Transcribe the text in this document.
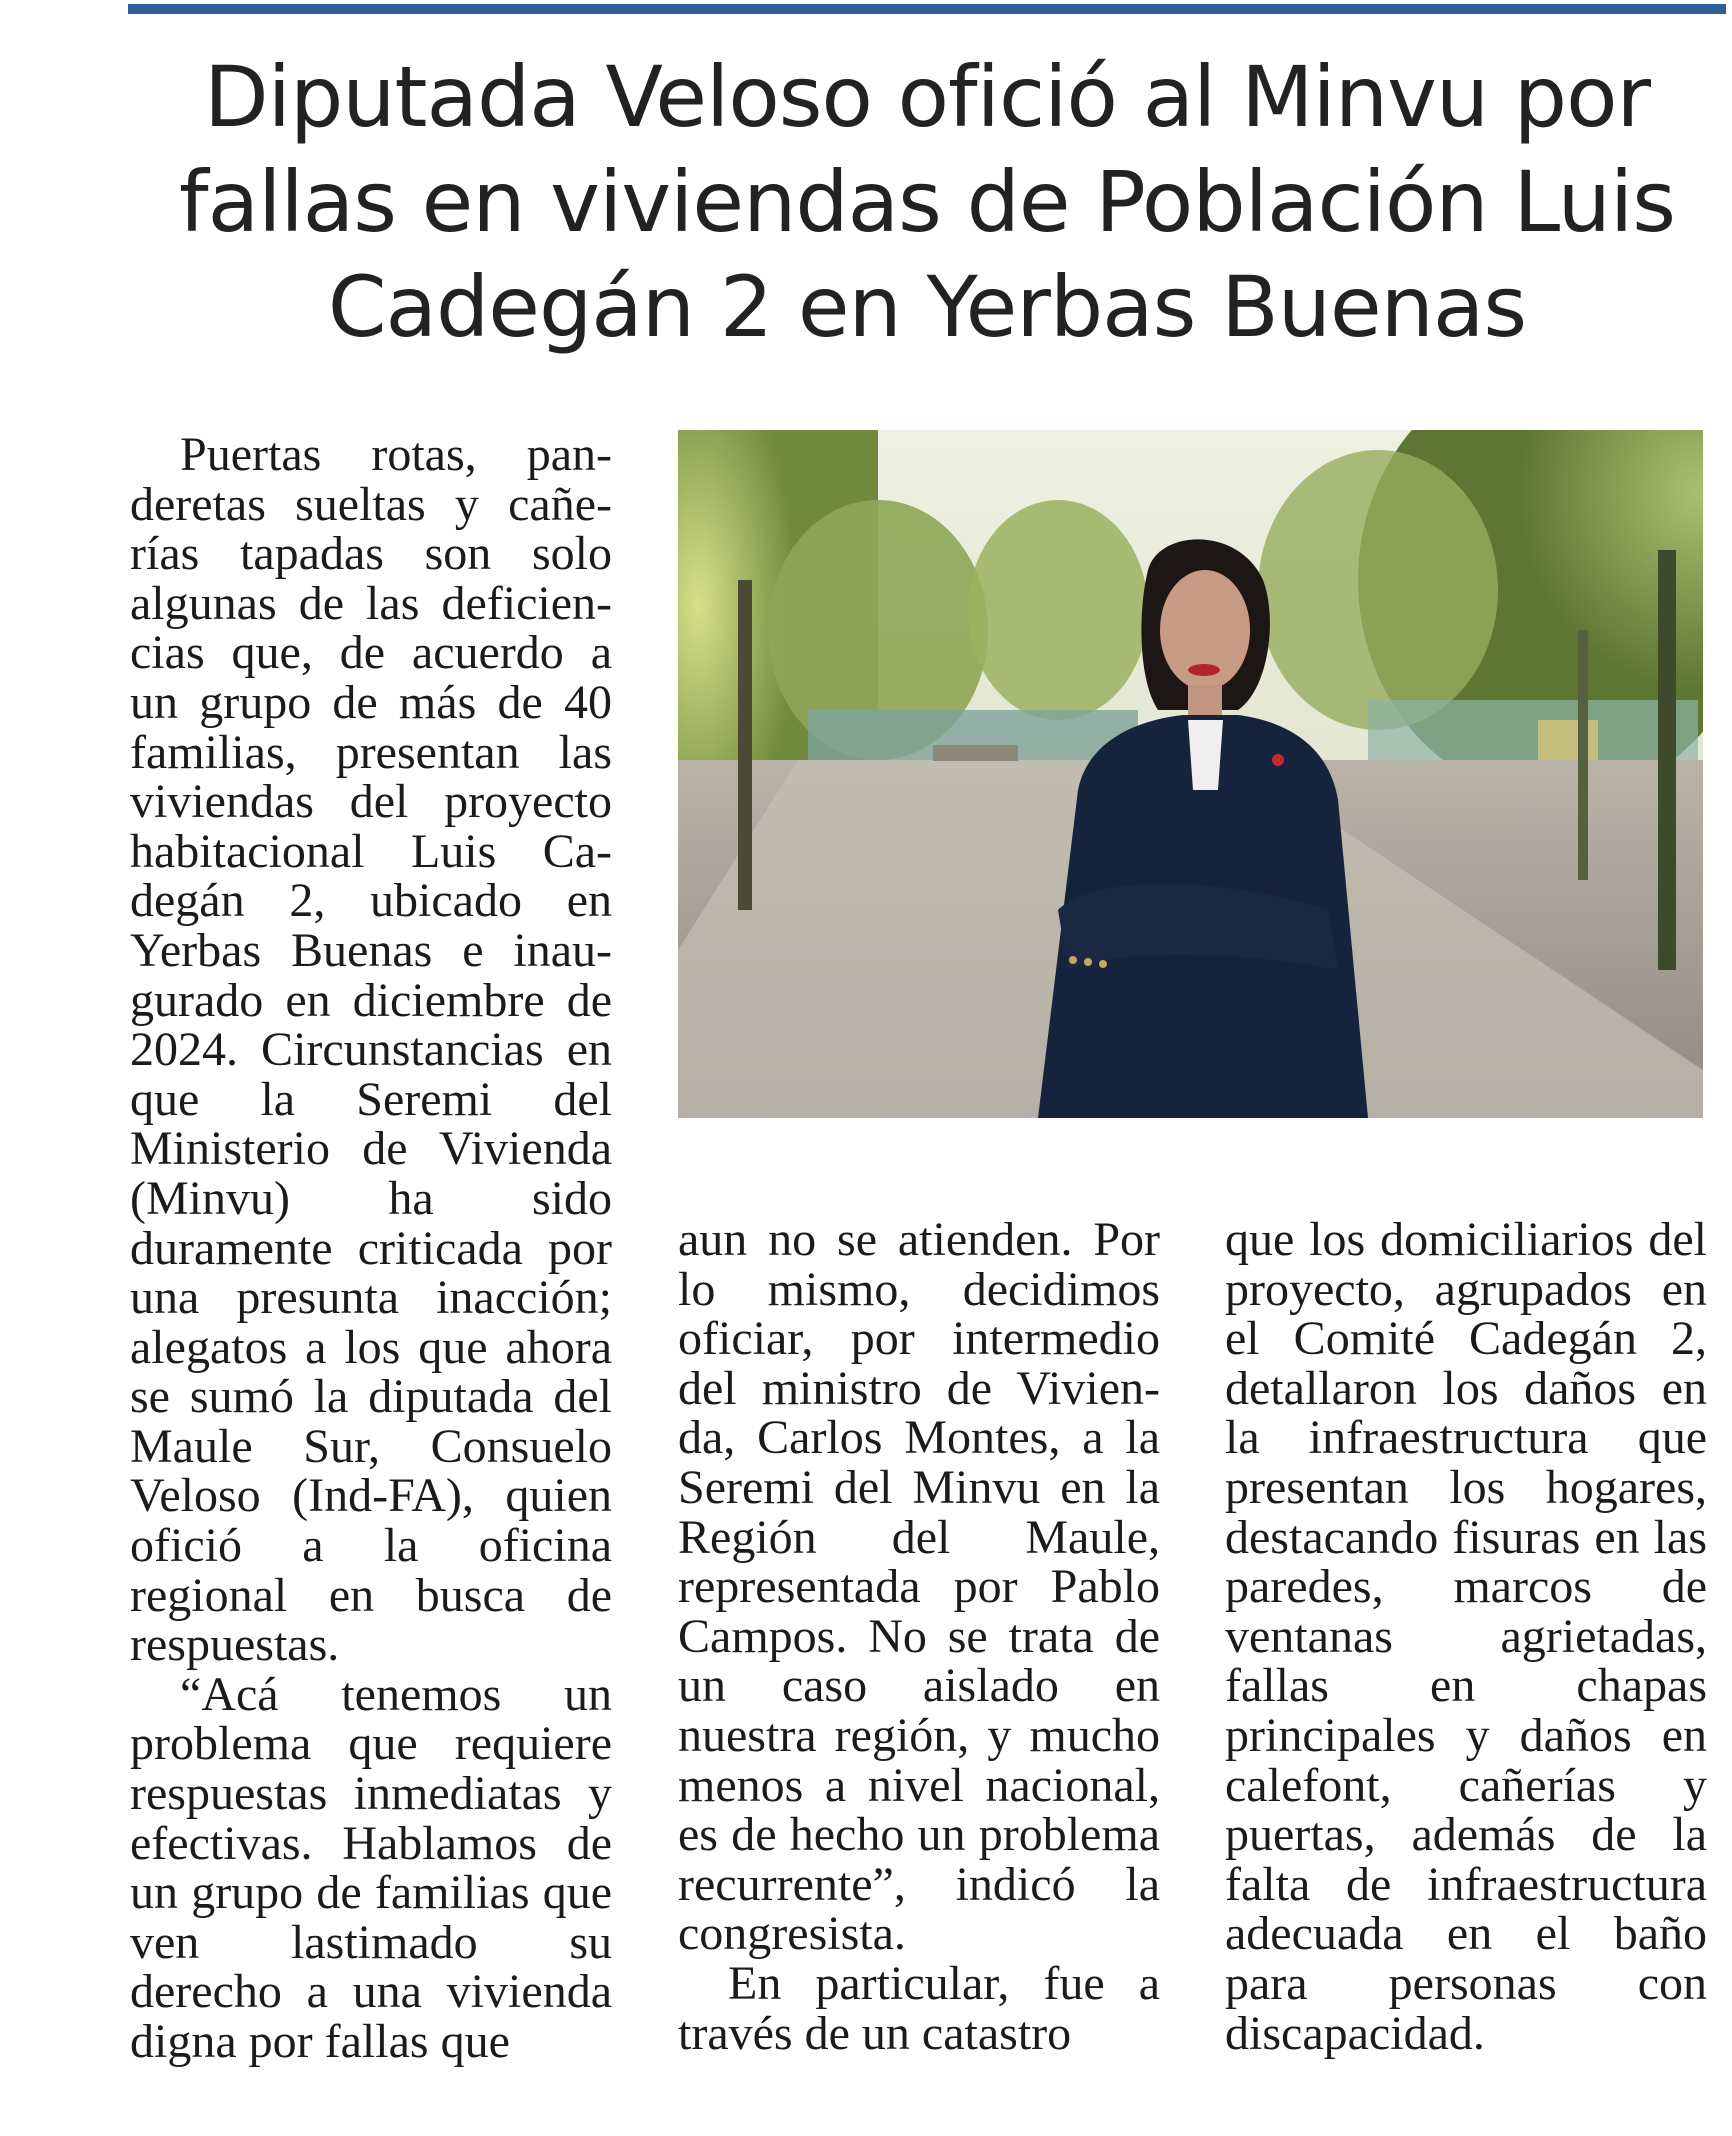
Diputada Veloso ofició al Minvu por fallas en viviendas de Población Luis Cadegán 2 en Yerbas Buenas

Puertas rotas, panderetas sueltas y cañerías tapadas son solo algunas de las deficiencias que, de acuerdo a un grupo de más de 40 familias, presentan las viviendas del proyecto habitacional Luis Cadegán 2, ubicado en Yerbas Buenas e inaugurado en diciembre de 2024. Circunstancias en que la Seremi del Ministerio de Vivienda (Minvu) ha sido duramente criticada por una presunta inacción; alegatos a los que ahora se sumó la diputada del Maule Sur, Consuelo Veloso (Ind-FA), quien ofició a la oficina regional en busca de respuestas.

“Acá tenemos un problema que requiere respuestas inmediatas y efectivas. Hablamos de un grupo de familias que ven lastimado su derecho a una vivienda digna por fallas que

aun no se atienden. Por lo mismo, decidimos oficiar, por intermedio del ministro de Vivienda, Carlos Montes, a la Seremi del Minvu en la Región del Maule, representada por Pablo Campos. No se trata de un caso aislado en nuestra región, y mucho menos a nivel nacional, es de hecho un problema recurrente”, indicó la congresista.

En particular, fue a través de un catastro

que los domiciliarios del proyecto, agrupados en el Comité Cadegán 2, detallaron los daños en la infraestructura que presentan los hogares, destacando fisuras en las paredes, marcos de ventanas agrietadas, fallas en chapas principales y daños en calefont, cañerías y puertas, además de la falta de infraestructura adecuada en el baño para personas con discapacidad.
